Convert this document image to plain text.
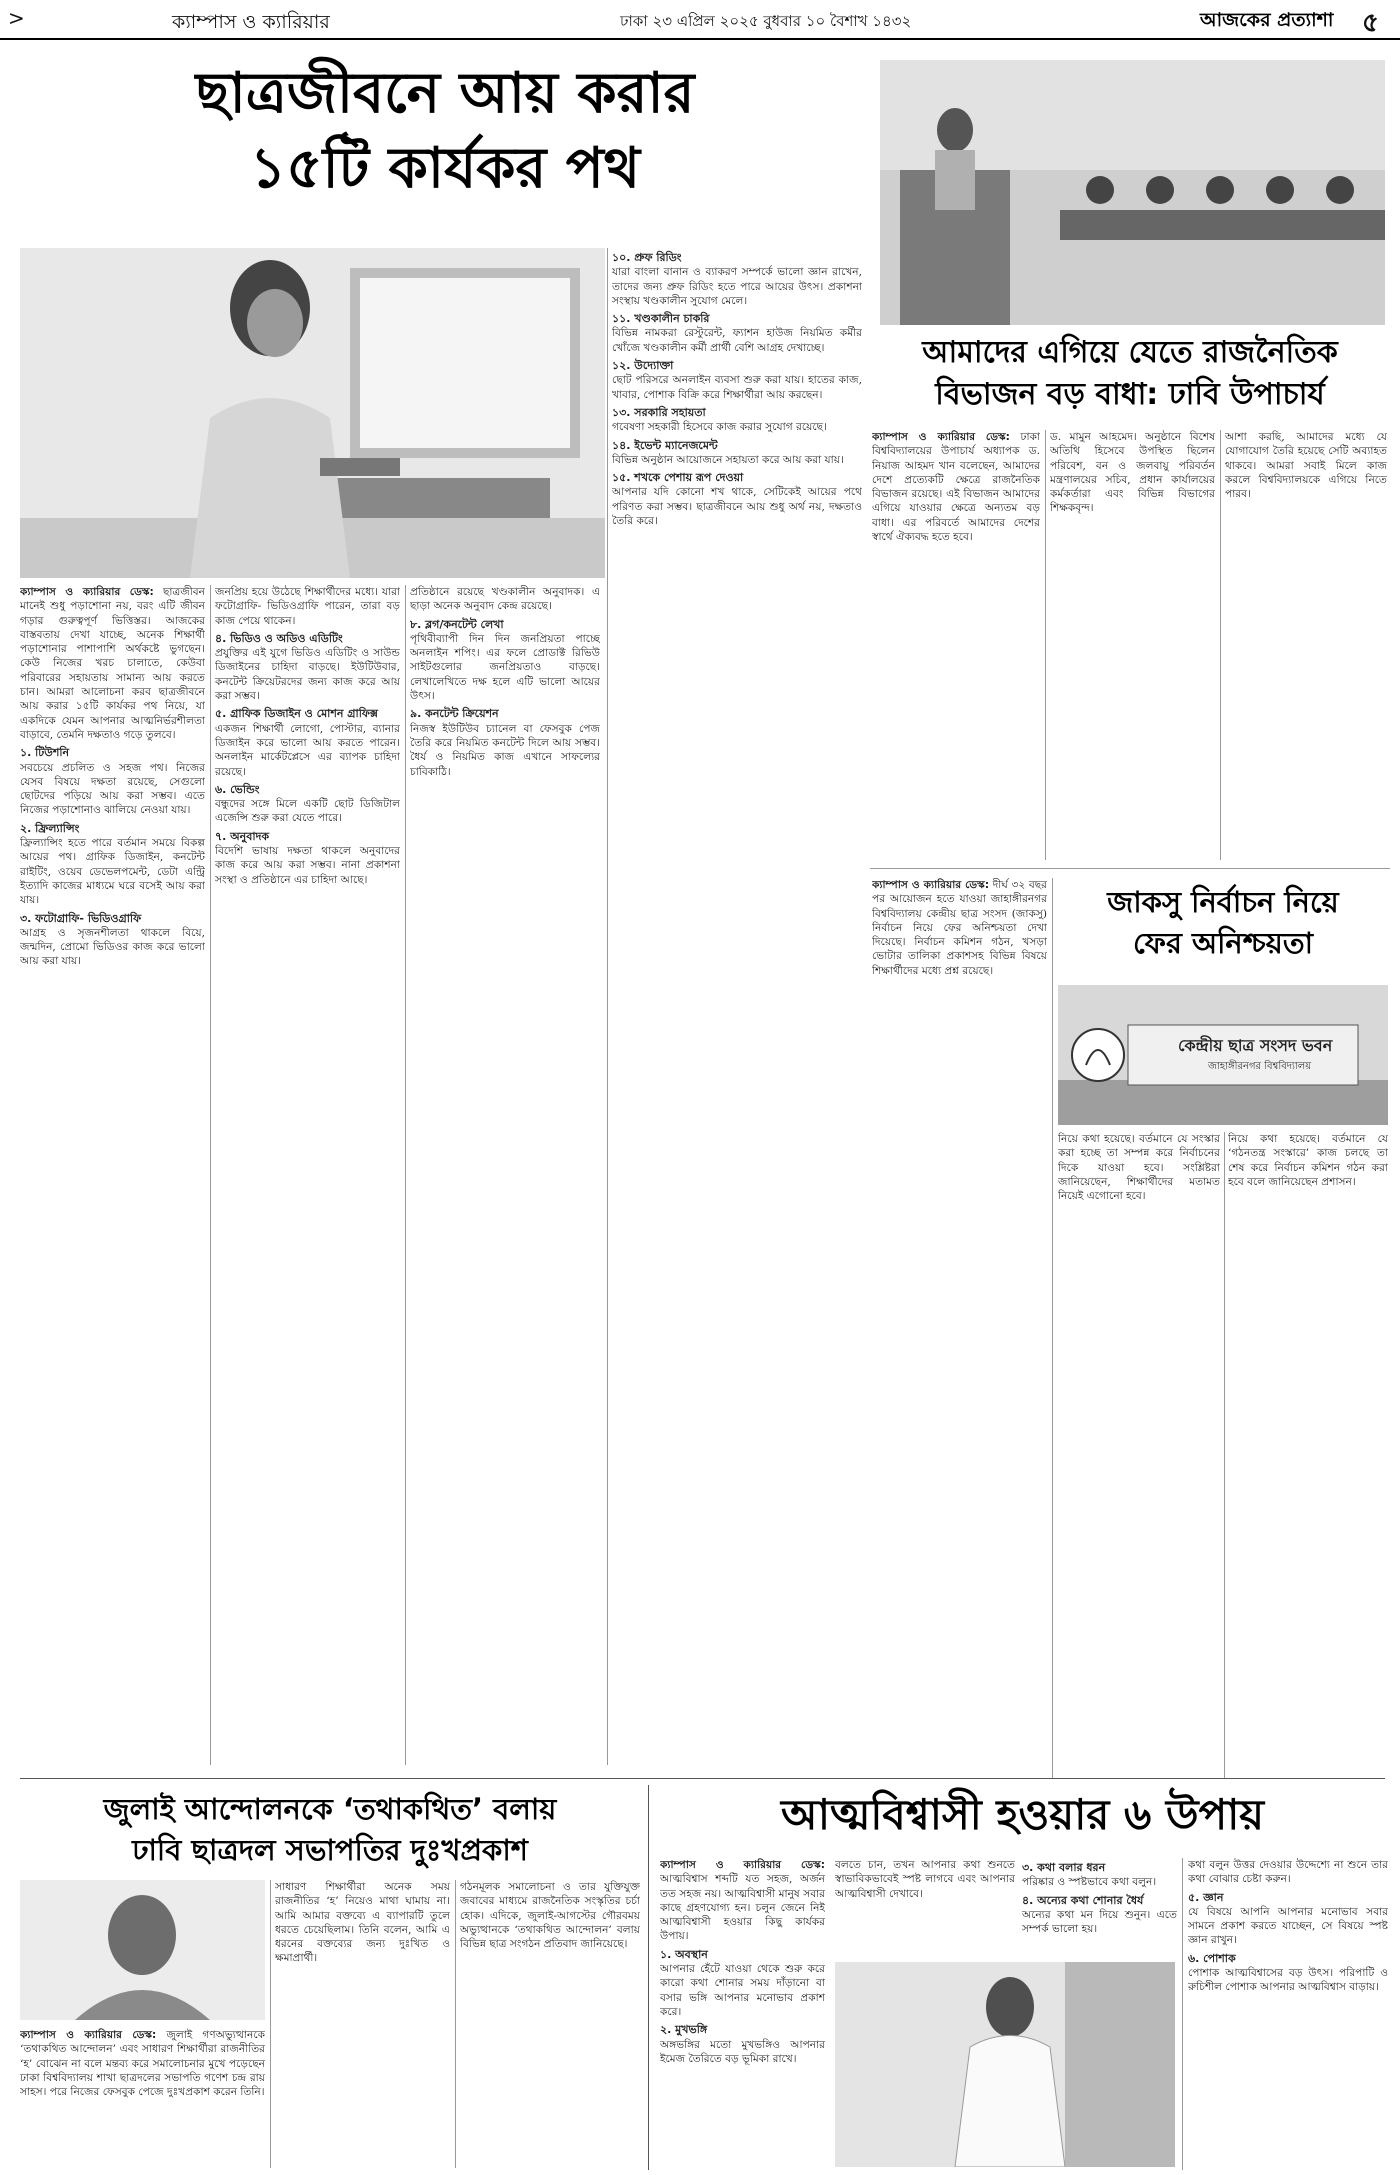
>	ক্যাম্পাস ও ক্যারিয়ার	ঢাকা ২৩ এপ্রিল ২০২৫ বুধবার ১০ বৈশাখ ১৪৩২	আজকের প্রত্যাশা ৫
ছাত্রজীবনে আয় করার
১৫টি কার্যকর পথ

ক্যাম্পাস ও ক্যারিয়ার ডেস্ক: ছাত্রজীবন মানেই শুধু পড়াশোনা নয়, বরং এটি জীবন গড়ার গুরুত্বপূর্ণ ভিত্তিস্তর। আজকের বাস্তবতায় দেখা যাচ্ছে, অনেক শিক্ষার্থী পড়াশোনার পাশাপাশি অর্থকষ্টে ভুগছেন। কেউ নিজের খরচ চালাতে, কেউবা পরিবারের সহায়তায় সামান্য আয় করতে চান। আমরা আলোচনা করব ছাত্রজীবনে আয় করার ১৫টি কার্যকর পথ নিয়ে, যা একদিকে যেমন আপনার আত্মনির্ভরশীলতা বাড়াবে, তেমনি দক্ষতাও গড়ে তুলবে।

১. টিউশনি

সবচেয়ে প্রচলিত ও সহজ পথ। নিজের যেসব বিষয়ে দক্ষতা রয়েছে, সেগুলো ছোটদের পড়িয়ে আয় করা সম্ভব। এতে নিজের পড়াশোনাও ঝালিয়ে নেওয়া যায়।

২. ফ্রিল্যান্সিং

ফ্রিল্যান্সিং হতে পারে বর্তমান সময়ে বিকল্প আয়ের পথ। গ্রাফিক ডিজাইন, কনটেন্ট রাইটিং, ওয়েব ডেভেলপমেন্ট, ডেটা এন্ট্রি ইত্যাদি কাজের মাধ্যমে ঘরে বসেই আয় করা যায়।

৩. ফটোগ্রাফি- ভিডিওগ্রাফি

আগ্রহ ও সৃজনশীলতা থাকলে বিয়ে, জন্মদিন, প্রোমো ভিডিওর কাজ করে ভালো আয় করা যায়।

জনপ্রিয় হয়ে উঠেছে শিক্ষার্থীদের মধ্যে। যারা ফটোগ্রাফি- ভিডিওগ্রাফি পারেন, তারা বড় কাজ পেয়ে থাকেন।

৪. ভিডিও ও অডিও এডিটিং

প্রযুক্তির এই যুগে ভিডিও এডিটিং ও সাউন্ড ডিজাইনের চাহিদা বাড়ছে। ইউটিউবার, কনটেন্ট ক্রিয়েটরদের জন্য কাজ করে আয় করা সম্ভব।

৫. গ্রাফিক ডিজাইন ও মোশন গ্রাফিক্স

একজন শিক্ষার্থী লোগো, পোস্টার, ব্যানার ডিজাইন করে ভালো আয় করতে পারেন। অনলাইন মার্কেটপ্লেসে এর ব্যাপক চাহিদা রয়েছে।

৬. ভেন্ডিং

বন্ধুদের সঙ্গে মিলে একটি ছোট ডিজিটাল এজেন্সি শুরু করা যেতে পারে।

৭. অনুবাদক

বিদেশি ভাষায় দক্ষতা থাকলে অনুবাদের কাজ করে আয় করা সম্ভব। নানা প্রকাশনা সংস্থা ও প্রতিষ্ঠানে এর চাহিদা আছে।

প্রতিষ্ঠানে রয়েছে খণ্ডকালীন অনুবাদক। এ ছাড়া অনেক অনুবাদ কেন্দ্র রয়েছে।

৮. ব্লগ/কনটেন্ট লেখা

পৃথিবীব্যাপী দিন দিন জনপ্রিয়তা পাচ্ছে অনলাইন শপিং। এর ফলে প্রোডাক্ট রিভিউ সাইটগুলোর জনপ্রিয়তাও বাড়ছে। লেখালেখিতে দক্ষ হলে এটি ভালো আয়ের উৎস।

৯. কনটেন্ট ক্রিয়েশন

নিজস্ব ইউটিউব চ্যানেল বা ফেসবুক পেজ তৈরি করে নিয়মিত কনটেন্ট দিলে আয় সম্ভব। ধৈর্য ও নিয়মিত কাজ এখানে সাফল্যের চাবিকাঠি।

১০. প্রুফ রিডিং

যারা বাংলা বানান ও ব্যাকরণ সম্পর্কে ভালো জ্ঞান রাখেন, তাদের জন্য প্রুফ রিডিং হতে পারে আয়ের উৎস। প্রকাশনা সংস্থায় খণ্ডকালীন সুযোগ মেলে।

১১. খণ্ডকালীন চাকরি

বিভিন্ন নামকরা রেস্টুরেন্ট, ফ্যাশন হাউজ নিয়মিত কর্মীর খোঁজে খণ্ডকালীন কর্মী প্রার্থী বেশি আগ্রহ দেখাচ্ছে।

১২. উদ্যোক্তা

ছোট পরিসরে অনলাইন ব্যবসা শুরু করা যায়। হাতের কাজ, খাবার, পোশাক বিক্রি করে শিক্ষার্থীরা আয় করছেন।

১৩. সরকারি সহায়তা

গবেষণা সহকারী হিসেবে কাজ করার সুযোগ রয়েছে।

১৪. ইভেন্ট ম্যানেজমেন্ট

বিভিন্ন অনুষ্ঠান আয়োজনে সহায়তা করে আয় করা যায়।

১৫. শখকে পেশায় রূপ দেওয়া

আপনার যদি কোনো শখ থাকে, সেটিকেই আয়ের পথে পরিণত করা সম্ভব। ছাত্রজীবনে আয় শুধু অর্থ নয়, দক্ষতাও তৈরি করে।

আমাদের এগিয়ে যেতে রাজনৈতিক
বিভাজন বড় বাধা: ঢাবি উপাচার্য

ক্যাম্পাস ও ক্যারিয়ার ডেস্ক: ঢাকা বিশ্ববিদ্যালয়ের উপাচার্য অধ্যাপক ড. নিয়াজ আহমদ খান বলেছেন, আমাদের দেশে প্রত্যেকটি ক্ষেত্রে রাজনৈতিক বিভাজন রয়েছে। এই বিভাজন আমাদের এগিয়ে যাওয়ার ক্ষেত্রে অন্যতম বড় বাধা। এর পরিবর্তে আমাদের দেশের স্বার্থে ঐক্যবদ্ধ হতে হবে।

ড. মামুন আহমেদ। অনুষ্ঠানে বিশেষ অতিথি হিসেবে উপস্থিত ছিলেন পরিবেশ, বন ও জলবায়ু পরিবর্তন মন্ত্রণালয়ের সচিব, প্রধান কার্যালয়ের কর্মকর্তারা এবং বিভিন্ন বিভাগের শিক্ষকবৃন্দ।

আশা করছি, আমাদের মধ্যে যে যোগাযোগ তৈরি হয়েছে সেটি অব্যাহত থাকবে। আমরা সবাই মিলে কাজ করলে বিশ্ববিদ্যালয়কে এগিয়ে নিতে পারব।

ক্যাম্পাস ও ক্যারিয়ার ডেস্ক: দীর্ঘ ৩২ বছর পর আয়োজন হতে যাওয়া জাহাঙ্গীরনগর বিশ্ববিদ্যালয় কেন্দ্রীয় ছাত্র সংসদ (জাকসু) নির্বাচন নিয়ে ফের অনিশ্চয়তা দেখা দিয়েছে। নির্বাচন কমিশন গঠন, খসড়া ভোটার তালিকা প্রকাশসহ বিভিন্ন বিষয়ে শিক্ষার্থীদের মধ্যে প্রশ্ন রয়েছে।

জাকসু নির্বাচন নিয়ে
ফের অনিশ্চয়তা
কেন্দ্রীয় ছাত্র সংসদ ভবন
জাহাঙ্গীরনগর বিশ্ববিদ্যালয়

নিয়ে কথা হয়েছে। বর্তমানে যে সংস্কার করা হচ্ছে তা সম্পন্ন করে নির্বাচনের দিকে যাওয়া হবে। সংশ্লিষ্টরা জানিয়েছেন, শিক্ষার্থীদের মতামত নিয়েই এগোনো হবে।

নিয়ে কথা হয়েছে। বর্তমানে যে ‘গঠনতন্ত্র সংস্কারে’ কাজ চলছে তা শেষ করে নির্বাচন কমিশন গঠন করা হবে বলে জানিয়েছেন প্রশাসন।

জুলাই আন্দোলনকে ‘তথাকথিত’ বলায়
ঢাবি ছাত্রদল সভাপতির দুঃখপ্রকাশ

ক্যাম্পাস ও ক্যারিয়ার ডেস্ক: জুলাই গণঅভ্যুত্থানকে ‘তথাকথিত আন্দোলন’ এবং সাধারণ শিক্ষার্থীরা রাজনীতির ‘হ’ বোঝেন না বলে মন্তব্য করে সমালোচনার মুখে পড়েছেন ঢাকা বিশ্ববিদ্যালয় শাখা ছাত্রদলের সভাপতি গণেশ চন্দ্র রায় সাহস। পরে নিজের ফেসবুক পেজে দুঃখপ্রকাশ করেন তিনি।

সাধারণ শিক্ষার্থীরা অনেক সময় রাজনীতির ‘হ’ নিয়েও মাথা ঘামায় না। আমি আমার বক্তব্যে এ ব্যাপারটি তুলে ধরতে চেয়েছিলাম। তিনি বলেন, আমি এ ধরনের বক্তব্যের জন্য দুঃখিত ও ক্ষমাপ্রার্থী।

গঠনমূলক সমালোচনা ও তার যুক্তিযুক্ত জবাবের মাধ্যমে রাজনৈতিক সংস্কৃতির চর্চা হোক। এদিকে, জুলাই-আগস্টের গৌরবময় অভ্যুত্থানকে ‘তথাকথিত আন্দোলন’ বলায় বিভিন্ন ছাত্র সংগঠন প্রতিবাদ জানিয়েছে।

আত্মবিশ্বাসী হওয়ার ৬ উপায়

ক্যাম্পাস ও ক্যারিয়ার ডেস্ক: আত্মবিশ্বাস শব্দটি যত সহজ, অর্জন তত সহজ নয়। আত্মবিশ্বাসী মানুষ সবার কাছে গ্রহণযোগ্য হন। চলুন জেনে নিই আত্মবিশ্বাসী হওয়ার কিছু কার্যকর উপায়।

১. অবস্থান

আপনার হেঁটে যাওয়া থেকে শুরু করে কারো কথা শোনার সময় দাঁড়ানো বা বসার ভঙ্গি আপনার মনোভাব প্রকাশ করে।

২. মুখভঙ্গি

অঙ্গভঙ্গির মতো মুখভঙ্গিও আপনার ইমেজ তৈরিতে বড় ভূমিকা রাখে।

বলতে চান, তখন আপনার কথা শুনতে স্বাভাবিকভাবেই স্পষ্ট লাগবে এবং আপনার আত্মবিশ্বাসী দেখাবে।

৩. কথা বলার ধরন

পরিষ্কার ও স্পষ্টভাবে কথা বলুন।

৪. অন্যের কথা শোনার ধৈর্য

অন্যের কথা মন দিয়ে শুনুন। এতে সম্পর্ক ভালো হয়।

কথা বলুন উত্তর দেওয়ার উদ্দেশ্যে না শুনে তার কথা বোঝার চেষ্টা করুন।

৫. জ্ঞান

যে বিষয়ে আপনি আপনার মনোভাব সবার সামনে প্রকাশ করতে যাচ্ছেন, সে বিষয়ে স্পষ্ট জ্ঞান রাখুন।

৬. পোশাক

পোশাক আত্মবিশ্বাসের বড় উৎস। পরিপাটি ও রুচিশীল পোশাক আপনার আত্মবিশ্বাস বাড়ায়।
